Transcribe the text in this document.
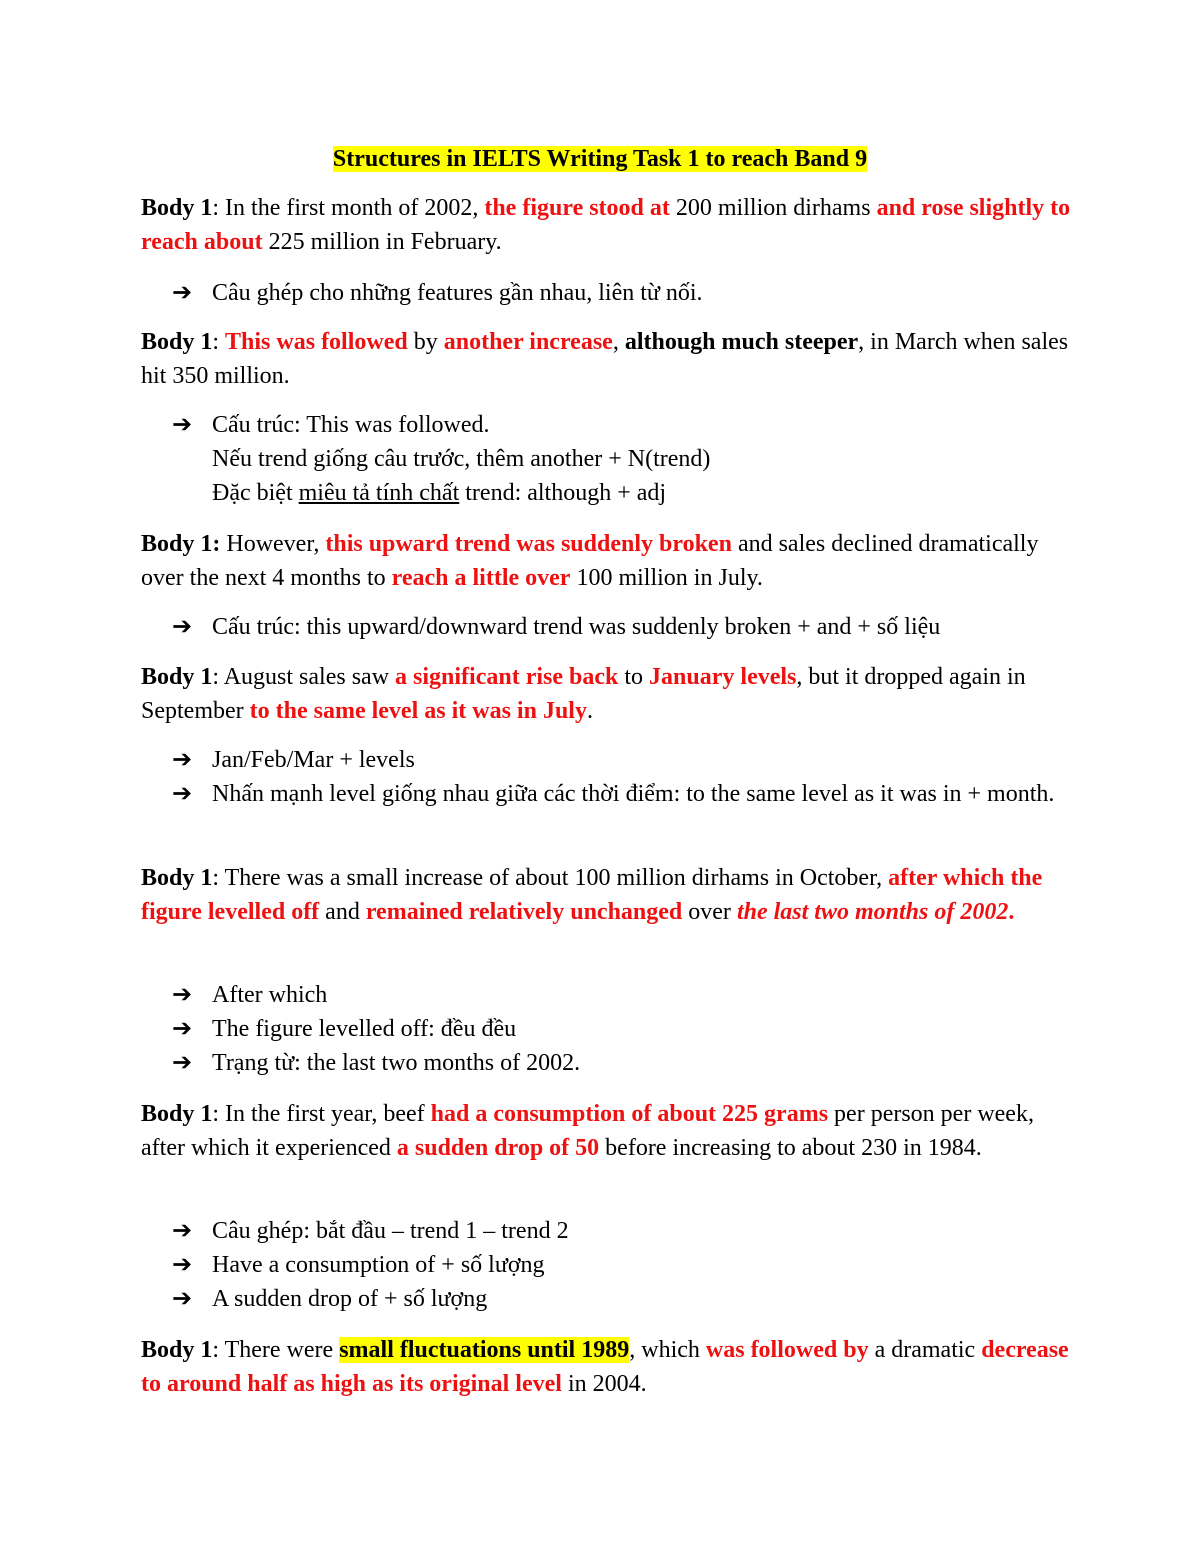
Structures in IELTS Writing Task 1 to reach Band 9
Body 1: In the first month of 2002, the figure stood at 200 million dirhams and rose slightly to reach about 225 million in February.
➔ Câu ghép cho những features gần nhau, liên từ nối.
Body 1: This was followed by another increase, although much steeper, in March when sales hit 350 million.
➔ Cấu trúc: This was followed.
Nếu trend giống câu trước, thêm another + N(trend)
Đặc biệt miêu tả tính chất trend: although + adj
Body 1: However, this upward trend was suddenly broken and sales declined dramatically over the next 4 months to reach a little over 100 million in July.
➔ Cấu trúc: this upward/downward trend was suddenly broken + and + số liệu
Body 1: August sales saw a significant rise back to January levels, but it dropped again in September to the same level as it was in July.
➔ Jan/Feb/Mar + levels
➔ Nhấn mạnh level giống nhau giữa các thời điểm: to the same level as it was in + month.
Body 1: There was a small increase of about 100 million dirhams in October, after which the figure levelled off and remained relatively unchanged over the last two months of 2002.
➔ After which
➔ The figure levelled off: đều đều
➔ Trạng từ: the last two months of 2002.
Body 1: In the first year, beef had a consumption of about 225 grams per person per week, after which it experienced a sudden drop of 50 before increasing to about 230 in 1984.
➔ Câu ghép: bắt đầu – trend 1 – trend 2
➔ Have a consumption of + số lượng
➔ A sudden drop of + số lượng
Body 1: There were small fluctuations until 1989, which was followed by a dramatic decrease to around half as high as its original level in 2004.
